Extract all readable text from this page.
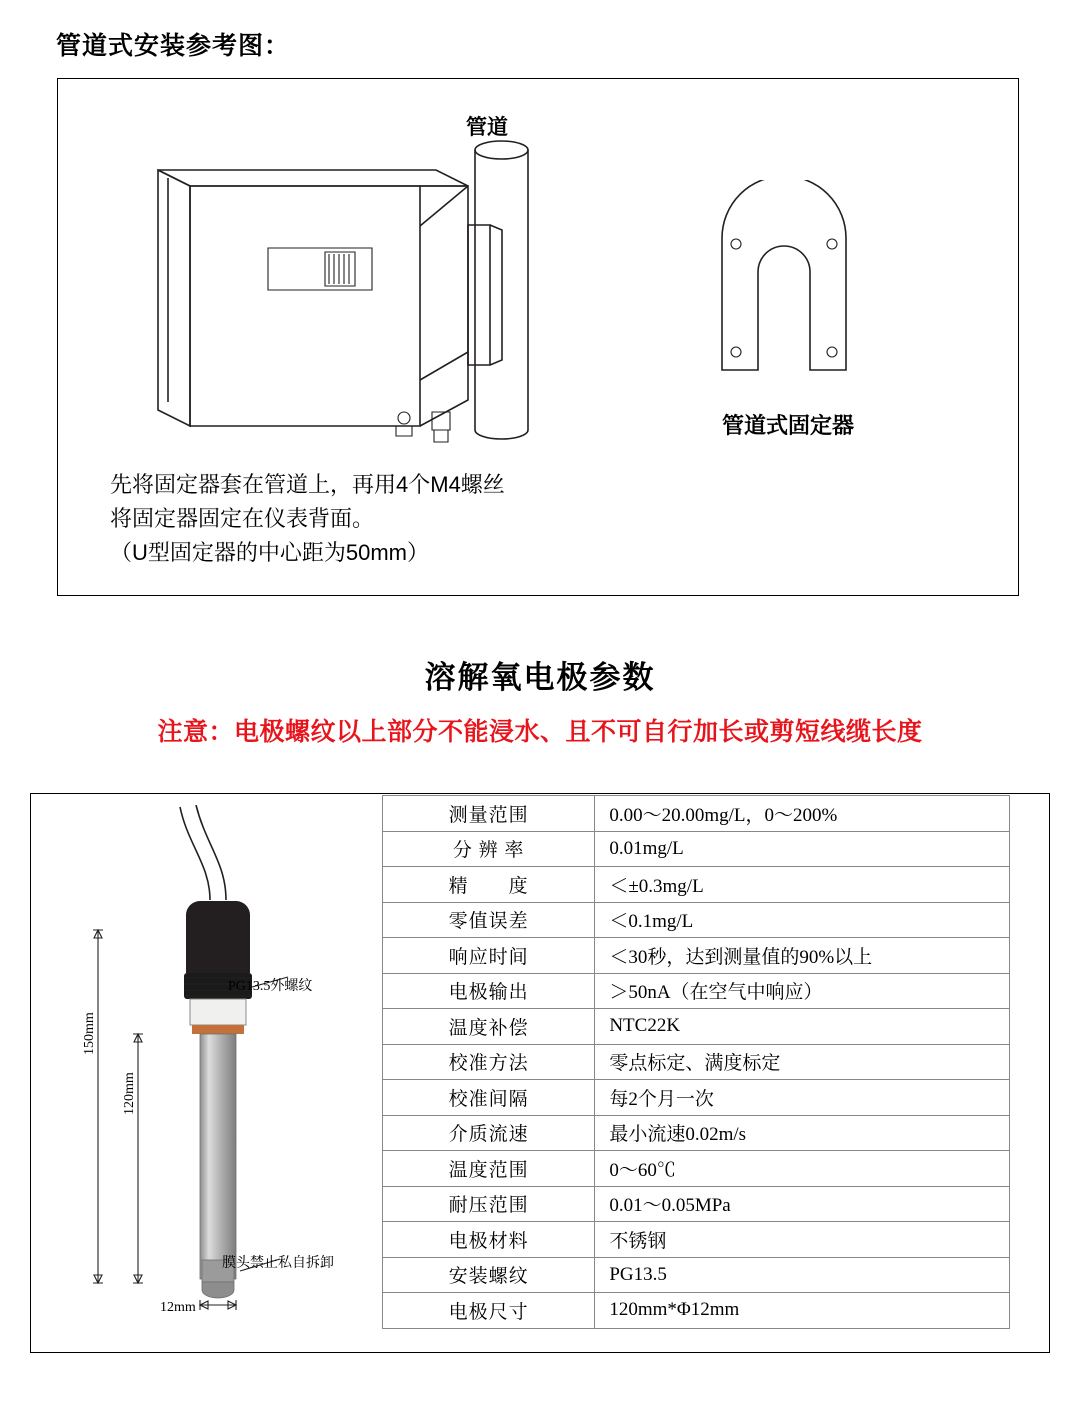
管道式安装参考图：
管道
管道式固定器
先将固定器套在管道上，再用4个M4螺丝
将固定器固定在仪表背面。
（U型固定器的中心距为50mm）
溶解氧电极参数
注意：电极螺纹以上部分不能浸水、且不可自行加长或剪短线缆长度
PG13.5外螺纹
膜头禁止私自拆卸
12mm
150mm
120mm
测量范围	0.00～20.00mg/L，0～200%
分 辨 率	0.01mg/L
精　　度	＜±0.3mg/L
零值误差	＜0.1mg/L
响应时间	＜30秒，达到测量值的90%以上
电极输出	＞50nA（在空气中响应）
温度补偿	NTC22K
校准方法	零点标定、满度标定
校准间隔	每2个月一次
介质流速	最小流速0.02m/s
温度范围	0～60℃
耐压范围	0.01～0.05MPa
电极材料	不锈钢
安装螺纹	PG13.5
电极尺寸	120mm*Φ12mm
